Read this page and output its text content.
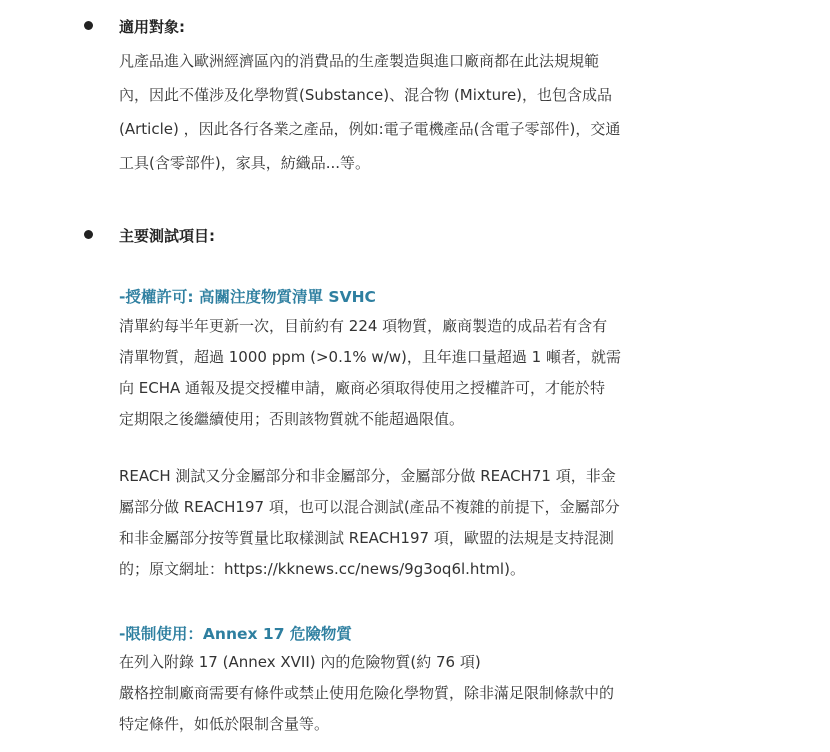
適用對象:
凡產品進入歐洲經濟區內的消費品的生產製造與進口廠商都在此法規規範
內，因此不僅涉及化學物質(Substance)、混合物 (Mixture)，也包含成品
(Article) ，因此各行各業之產品，例如:電子電機產品(含電子零部件)，交通
工具(含零部件)，家具，紡織品...等。
主要測試項目:
-授權許可: 高關注度物質清單 SVHC
清單約每半年更新一次，目前約有 224 項物質，廠商製造的成品若有含有
清單物質，超過 1000 ppm (>0.1% w/w)，且年進口量超過 1 噸者，就需
向 ECHA 通報及提交授權申請，廠商必須取得使用之授權許可，才能於特
定期限之後繼續使用；否則該物質就不能超過限值。
REACH 測試又分金屬部分和非金屬部分，金屬部分做 REACH71 項，非金
屬部分做 REACH197 項，也可以混合測試(產品不複雜的前提下，金屬部分
和非金屬部分按等質量比取樣測試 REACH197 項，歐盟的法規是支持混測
的；原文網址：https://kknews.cc/news/9g3oq6l.html)。
-限制使用：Annex 17 危險物質
在列入附錄 17 (Annex XVII) 內的危險物質(約 76 項)
嚴格控制廠商需要有條件或禁止使用危險化學物質，除非滿足限制條款中的
特定條件，如低於限制含量等。
